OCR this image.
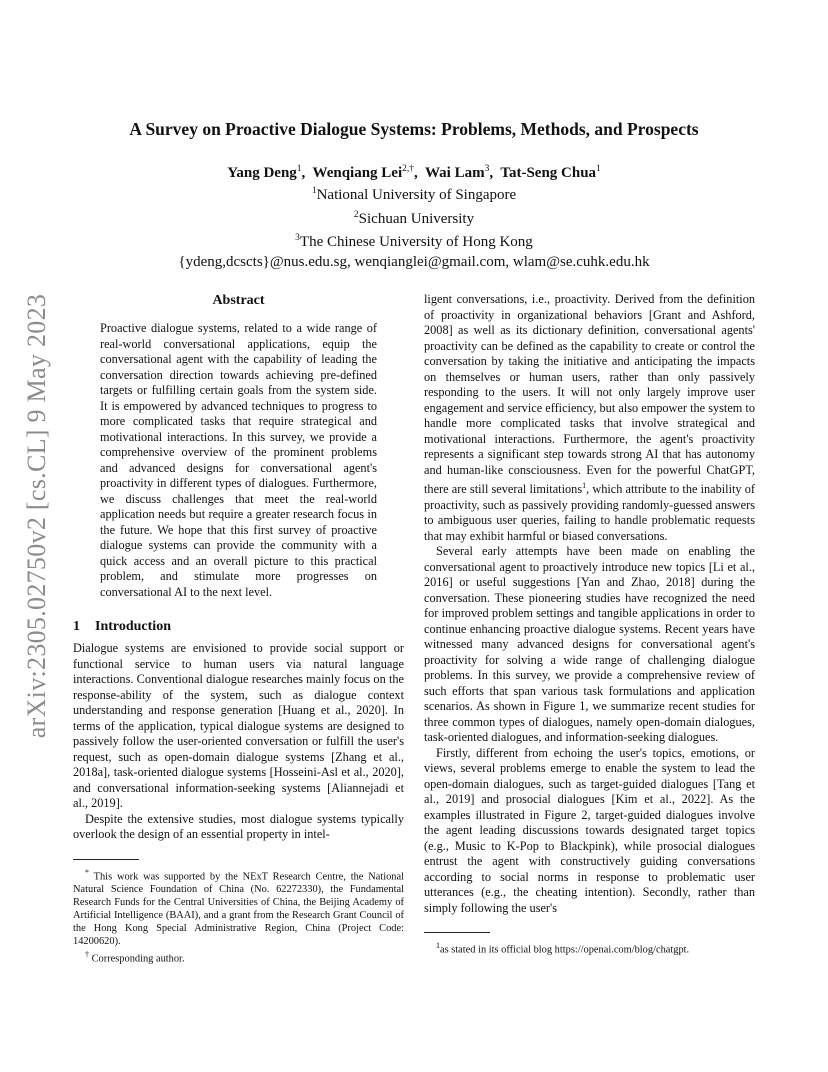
arXiv:2305.02750v2 [cs.CL] 9 May 2023
A Survey on Proactive Dialogue Systems: Problems, Methods, and Prospects
Yang Deng$^1$,  Wenqiang Lei$^{2,\dagger}$,  Wai Lam$^3$,  Tat-Seng Chua$^1$
$^1$National University of Singapore
$^2$Sichuan University
$^3$The Chinese University of Hong Kong
{ydeng,dcscts}@nus.edu.sg, wenqianglei@gmail.com, wlam@se.cuhk.edu.hk
Abstract
Proactive dialogue systems, related to a wide range of real-world conversational applications, equip the conversational agent with the capability of leading the conversation direction towards achieving pre-defined targets or fulfilling certain goals from the system side. It is empowered by advanced techniques to progress to more complicated tasks that require strategical and motivational interactions. In this survey, we provide a comprehensive overview of the prominent problems and advanced designs for conversational agent's proactivity in different types of dialogues. Furthermore, we discuss challenges that meet the real-world application needs but require a greater research focus in the future. We hope that this first survey of proactive dialogue systems can provide the community with a quick access and an overall picture to this practical problem, and stimulate more progresses on conversational AI to the next level.
1 Introduction

Dialogue systems are envisioned to provide social support or functional service to human users via natural language interactions. Conventional dialogue researches mainly focus on the response-ability of the system, such as dialogue context understanding and response generation [Huang et al., 2020]. In terms of the application, typical dialogue systems are designed to passively follow the user-oriented conversation or fulfill the user's request, such as open-domain dialogue systems [Zhang et al., 2018a], task-oriented dialogue systems [Hosseini-Asl et al., 2020], and conversational information-seeking systems [Aliannejadi et al., 2019].

Despite the extensive studies, most dialogue systems typically overlook the design of an essential property in intel-

* This work was supported by the NExT Research Centre, the National Natural Science Foundation of China (No. 62272330), the Fundamental Research Funds for the Central Universities of China, the Beijing Academy of Artificial Intelligence (BAAI), and a grant from the Research Grant Council of the Hong Kong Special Administrative Region, China (Project Code: 14200620).

† Corresponding author.

ligent conversations, i.e., proactivity. Derived from the definition of proactivity in organizational behaviors [Grant and Ashford, 2008] as well as its dictionary definition, conversational agents' proactivity can be defined as the capability to create or control the conversation by taking the initiative and anticipating the impacts on themselves or human users, rather than only passively responding to the users. It will not only largely improve user engagement and service efficiency, but also empower the system to handle more complicated tasks that involve strategical and motivational interactions. Furthermore, the agent's proactivity represents a significant step towards strong AI that has autonomy and human-like consciousness. Even for the powerful ChatGPT, there are still several limitations$^1$, which attribute to the inability of proactivity, such as passively providing randomly-guessed answers to ambiguous user queries, failing to handle problematic requests that may exhibit harmful or biased conversations.

Several early attempts have been made on enabling the conversational agent to proactively introduce new topics [Li et al., 2016] or useful suggestions [Yan and Zhao, 2018] during the conversation. These pioneering studies have recognized the need for improved problem settings and tangible applications in order to continue enhancing proactive dialogue systems. Recent years have witnessed many advanced designs for conversational agent's proactivity for solving a wide range of challenging dialogue problems. In this survey, we provide a comprehensive review of such efforts that span various task formulations and application scenarios. As shown in Figure 1, we summarize recent studies for three common types of dialogues, namely open-domain dialogues, task-oriented dialogues, and information-seeking dialogues.

Firstly, different from echoing the user's topics, emotions, or views, several problems emerge to enable the system to lead the open-domain dialogues, such as target-guided dialogues [Tang et al., 2019] and prosocial dialogues [Kim et al., 2022]. As the examples illustrated in Figure 2, target-guided dialogues involve the agent leading discussions towards designated target topics (e.g., Music to K-Pop to Blackpink), while prosocial dialogues entrust the agent with constructively guiding conversations according to social norms in response to problematic user utterances (e.g., the cheating intention). Secondly, rather than simply following the user's

$^1$as stated in its official blog https://openai.com/blog/chatgpt.
